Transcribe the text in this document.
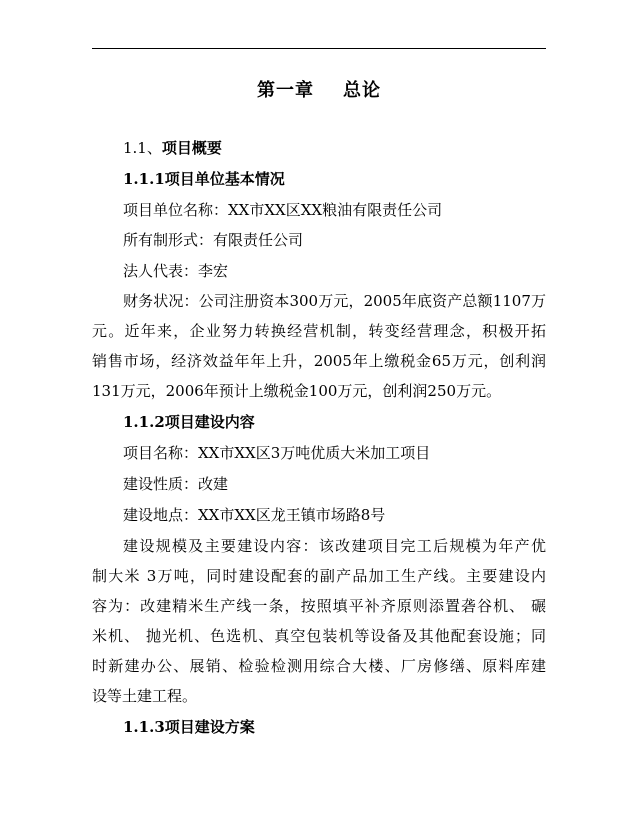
第一章    总论
1.1、项目概要
1.1.1项目单位基本情况
项目单位名称：XX市XX区XX粮油有限责任公司
所有制形式：有限责任公司
法人代表：李宏
财务状况：公司注册资本300万元，2005年底资产总额1107万
元。近年来，企业努力转换经营机制，转变经营理念，积极开拓
销售市场，经济效益年年上升，2005年上缴税金65万元，创利润
131万元，2006年预计上缴税金100万元，创利润250万元。
1.1.2项目建设内容
项目名称：XX市XX区3万吨优质大米加工项目
建设性质：改建
建设地点：XX市XX区龙王镇市场路8号
建设规模及主要建设内容：该改建项目完工后规模为年产优
制大米 3万吨，同时建设配套的副产品加工生产线。主要建设内
容为：改建精米生产线一条，按照填平补齐原则添置砻谷机、 碾
米机、 抛光机、色选机、真空包装机等设备及其他配套设施；同
时新建办公、展销、检验检测用综合大楼、厂房修缮、原料库建
设等土建工程。
1.1.3项目建设方案
